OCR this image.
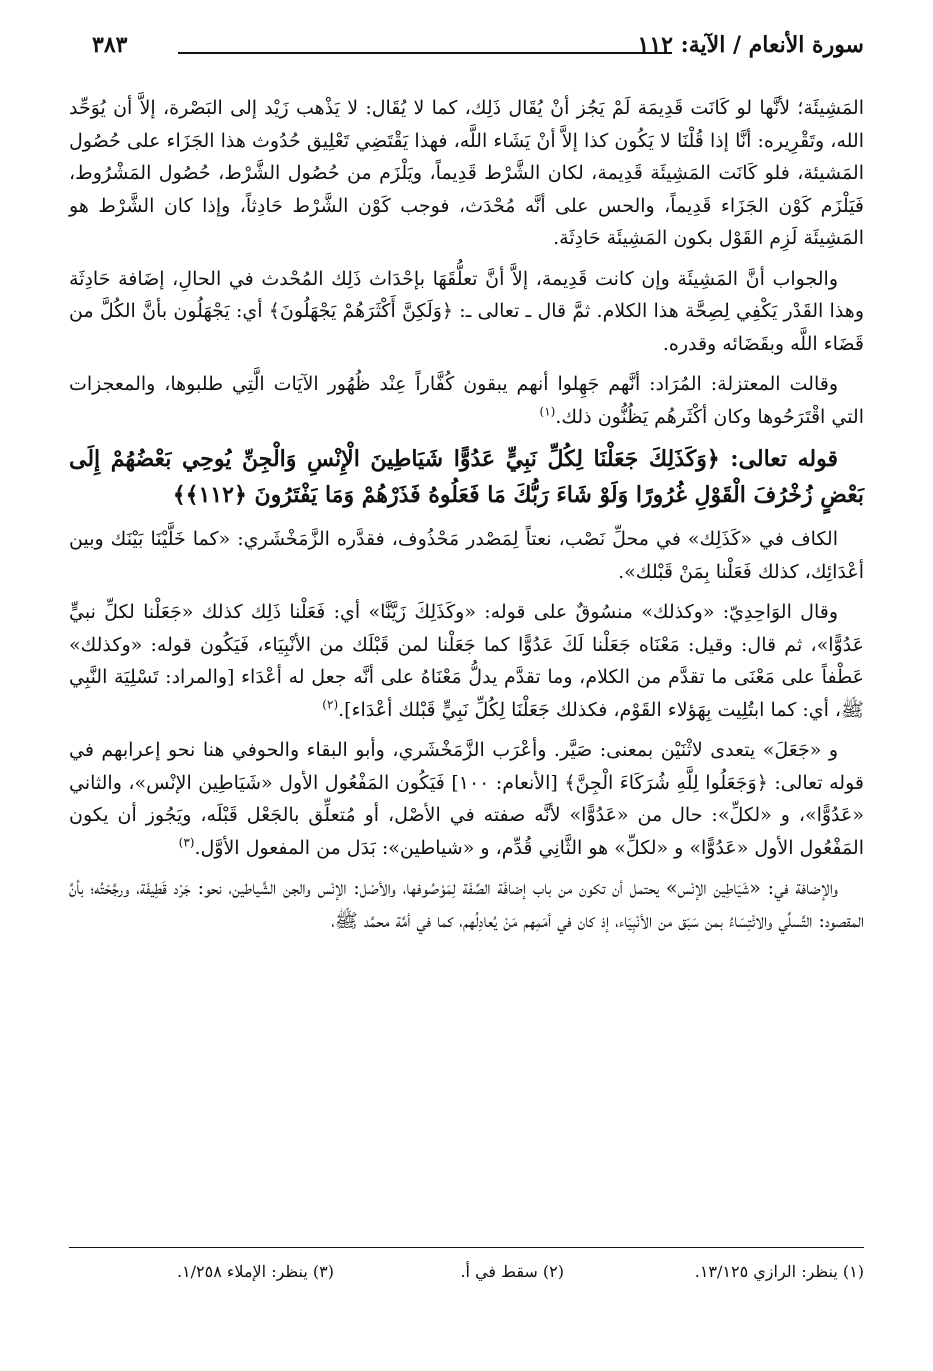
سورة الأنعام / الآية: ١١٢
٣٨٣

المَشِيئَة؛ لأنَّها لو كَانَت قَدِيمَة لَمْ يَجُز أنْ يُقَال ذَلِك، كما لا يُقَال: لا يَذْهب زَيْد إلى البَصْرة، إلاَّ أن يُوَحِّد الله، وتَقْرِيره: أنَّا إذا قُلْنَا لا يَكُون كذا إلاَّ أنْ يَشَاء اللَّه، فهذا يَقْتَضِي تَعْلِيق حُدُوث هذا الجَزَاء على حُصُول المَشيئة، فلو كَانَت المَشِيئَة قَدِيمة، لكان الشَّرْط قَدِيماً، ويَلْزَم من حُصُول الشَّرْط، حُصُول المَشْرُوط، فَيَلْزَم كَوْن الجَزَاء قَدِيماً، والحس على أنَّه مُحْدَث، فوجب كَوْن الشَّرْط حَادِثاً، وإذا كان الشَّرْط هو المَشِيئَة لَزِم القَوْل بكون المَشِيئَة حَادِثَة.

والجواب أنَّ المَشِيئَة وإن كانت قَدِيمة، إلاَّ أنَّ تعلُّقَهَا بإحْدَاث ذَلِك المُحْدث في الحالِ، إضَافة حَادِثَة وهذا القَدْر يَكْفِي لِصِحَّة هذا الكلام. ثمَّ قال ـ تعالى ـ: ﴿وَلَكِنَّ أَكْثَرَهُمْ يَجْهَلُونَ﴾ أي: يَجْهَلُون بأنَّ الكُلَّ من قَضَاء اللَّه وبقَضَائه وقدره.

وقالت المعتزلة: المُرَاد: أنَّهم جَهِلوا أنهم يبقون كُفَّاراً عِنْد ظُهُور الآيَات الَّتِي طلبوها، والمعجزات التي اقْتَرَحُوها وكان أكْثَرهُم يَظُنُّون ذلك.$^{(١)}$

قوله تعالى: ﴿وَكَذَلِكَ جَعَلْنَا لِكُلِّ نَبِيٍّ عَدُوًّا شَيَاطِينَ الْإِنْسِ وَالْجِنِّ يُوحِي بَعْضُهُمْ إِلَى بَعْضٍ زُخْرُفَ الْقَوْلِ غُرُورًا وَلَوْ شَاءَ رَبُّكَ مَا فَعَلُوهُ فَذَرْهُمْ وَمَا يَفْتَرُونَ ﴿١١٢﴾﴾

الكاف في «كَذَلِك» في محلِّ نَصْب، نعتاً لِمَصْدر مَحْذُوف، فقدَّره الزَّمَخْشَري: «كما خَلَّيْنَا بَيْنَك وبين أعْدَائِك، كذلك فَعَلْنا بِمَنْ قَبْلك».

وقال الوَاحِدِيّ: «وكذلك» منسُوقٌ على قوله: «وكَذَلِكَ زَيَّنَّا» أي: فَعَلْنا ذَلِك كذلك «جَعَلْنا لكلِّ نبيٍّ عَدُوًّا»، ثم قال: وقيل: مَعْنَاه جَعَلْنا لَكَ عَدُوًّا كما جَعَلْنا لمن قَبْلَك من الأنْبِيَاء، فَيَكُون قوله: «وكذلك» عَطْفاً على مَعْنَى ما تقدَّم من الكلام، وما تقدَّم يدلُّ مَعْنَاهُ على أنَّه جعل له أعْدَاء [والمراد: تَسْلِيَة النَّبِي ﷺ، أي: كما ابتُلِيت بِهَؤلاء القَوْم، فكذلك جَعَلْنَا لِكُلِّ نَبِيٍّ قَبْلك أعْدَاء].$^{(٢)}$

و «جَعَلَ» يتعدى لاثْنَيْن بمعنى: صَيَّر. وأعْرَب الزَّمَخْشَري، وأبو البقاء والحوفي هنا نحو إعرابهم في قوله تعالى: ﴿وَجَعَلُوا لِلَّهِ شُرَكَاءَ الْجِنَّ﴾ [الأنعام: ١٠٠] فَيَكُون المَفْعُول الأول «شَيَاطِين الإنْس»، والثاني «عَدُوًّا»، و «لكلِّ»: حال من «عَدُوًّا» لأنَّه صفته في الأصْل، أو مُتعلِّق بالجَعْل قَبْلَه، ويَجُوز أن يكون المَفْعُول الأول «عَدُوًّا» و «لكلِّ» هو الثَّانِي قُدِّم، و «شياطين»: بَدَل من المفعول الأوَّل.$^{(٣)}$

والإضافة في: «شَيَاطِين الإنْس» يحتمل أن تكون من باب إضافَة الصِّفَة لِمَوْصُوفها، والأصْل: الإنْس والجن الشَّياطين، نحو: جَرْد قَطِيفَة، ورجَّحْتُه؛ بأنَّ المقصود: التَّسلِّي والائْتِسَاءُ بمن سَبَق من الأنْبِيَاء، إذ كان في أمَمِهم مَنْ يُعادِلُهم، كما في أمَّة محمَّد ﷺ،

(١) ينظر: الرازي ١٣/١٢٥.
(٢) سقط في أ.
(٣) ينظر: الإملاء ١/٢٥٨.
